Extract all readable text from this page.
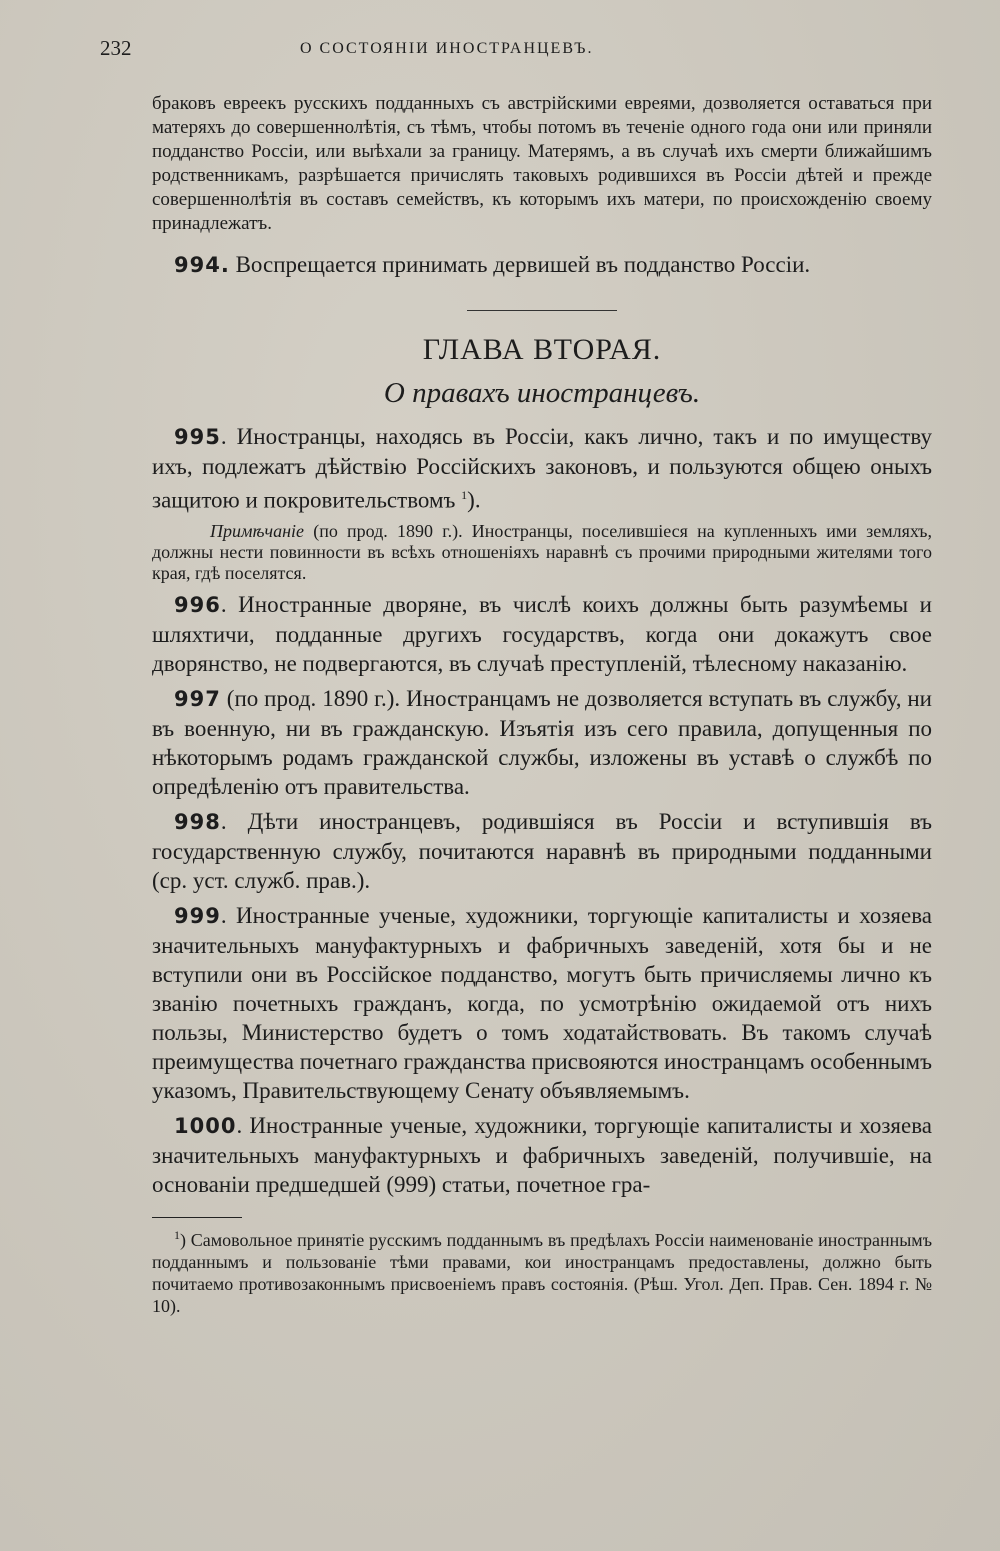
232	О СОСТОЯНІИ ИНОСТРАНЦЕВЪ.

браковъ евреекъ русскихъ подданныхъ съ австрійскими евреями, дозволяется оставаться при матеряхъ до совершеннолѣтія, съ тѣмъ, чтобы потомъ въ теченіе одного года они или приняли подданство Россіи, или выѣхали за границу. Матерямъ, а въ случаѣ ихъ смерти ближайшимъ родственникамъ, разрѣшается причислять таковыхъ родившихся въ Россіи дѣтей и прежде совершеннолѣтія въ составъ семействъ, къ которымъ ихъ матери, по происхожденію своему принадлежатъ.

994. Воспрещается принимать дервишей въ подданство Россіи.

ГЛАВА ВТОРАЯ.
О правахъ иностранцевъ.

995. Иностранцы, находясь въ Россіи, какъ лично, такъ и по имуществу ихъ, подлежатъ дѣйствію Россійскихъ законовъ, и пользуются общею оныхъ защитою и покровительствомъ $^1$).

Примѣчаніе (по прод. 1890 г.). Иностранцы, поселившіеся на купленныхъ ими земляхъ, должны нести повинности въ всѣхъ отношеніяхъ наравнѣ съ прочими природными жителями того края, гдѣ поселятся.

996. Иностранные дворяне, въ числѣ коихъ должны быть разумѣемы и шляхтичи, подданные другихъ государствъ, когда они докажутъ свое дворянство, не подвергаются, въ случаѣ преступленій, тѣлесному наказанію.

997 (по прод. 1890 г.). Иностранцамъ не дозволяется вступать въ службу, ни въ военную, ни въ гражданскую. Изъятія изъ сего правила, допущенныя по нѣкоторымъ родамъ гражданской службы, изложены въ уставѣ о службѣ по опредѣленію отъ правительства.

998. Дѣти иностранцевъ, родившіяся въ Россіи и вступившія въ государственную службу, почитаются наравнѣ въ природными подданными (ср. уст. служб. прав.).

999. Иностранные ученые, художники, торгующіе капиталисты и хозяева значительныхъ мануфактурныхъ и фабричныхъ заведеній, хотя бы и не вступили они въ Россійское подданство, могутъ быть причисляемы лично къ званію почетныхъ гражданъ, когда, по усмотрѣнію ожидаемой отъ нихъ пользы, Министерство будетъ о томъ ходатайствовать. Въ такомъ случаѣ преимущества почетнаго гражданства присвояются иностранцамъ особеннымъ указомъ, Правительствующему Сенату объявляемымъ.

1000. Иностранные ученые, художники, торгующіе капиталисты и хозяева значительныхъ мануфактурныхъ и фабричныхъ заведеній, получившіе, на основаніи предшедшей (999) статьи, почетное гра-

$^1$) Самовольное принятіе русскимъ подданнымъ въ предѣлахъ Россіи наименованіе иностраннымъ подданнымъ и пользованіе тѣми правами, кои иностранцамъ предоставлены, должно быть почитаемо противозаконнымъ присвоеніемъ правъ состоянія. (Рѣш. Угол. Деп. Прав. Сен. 1894 г. № 10).
